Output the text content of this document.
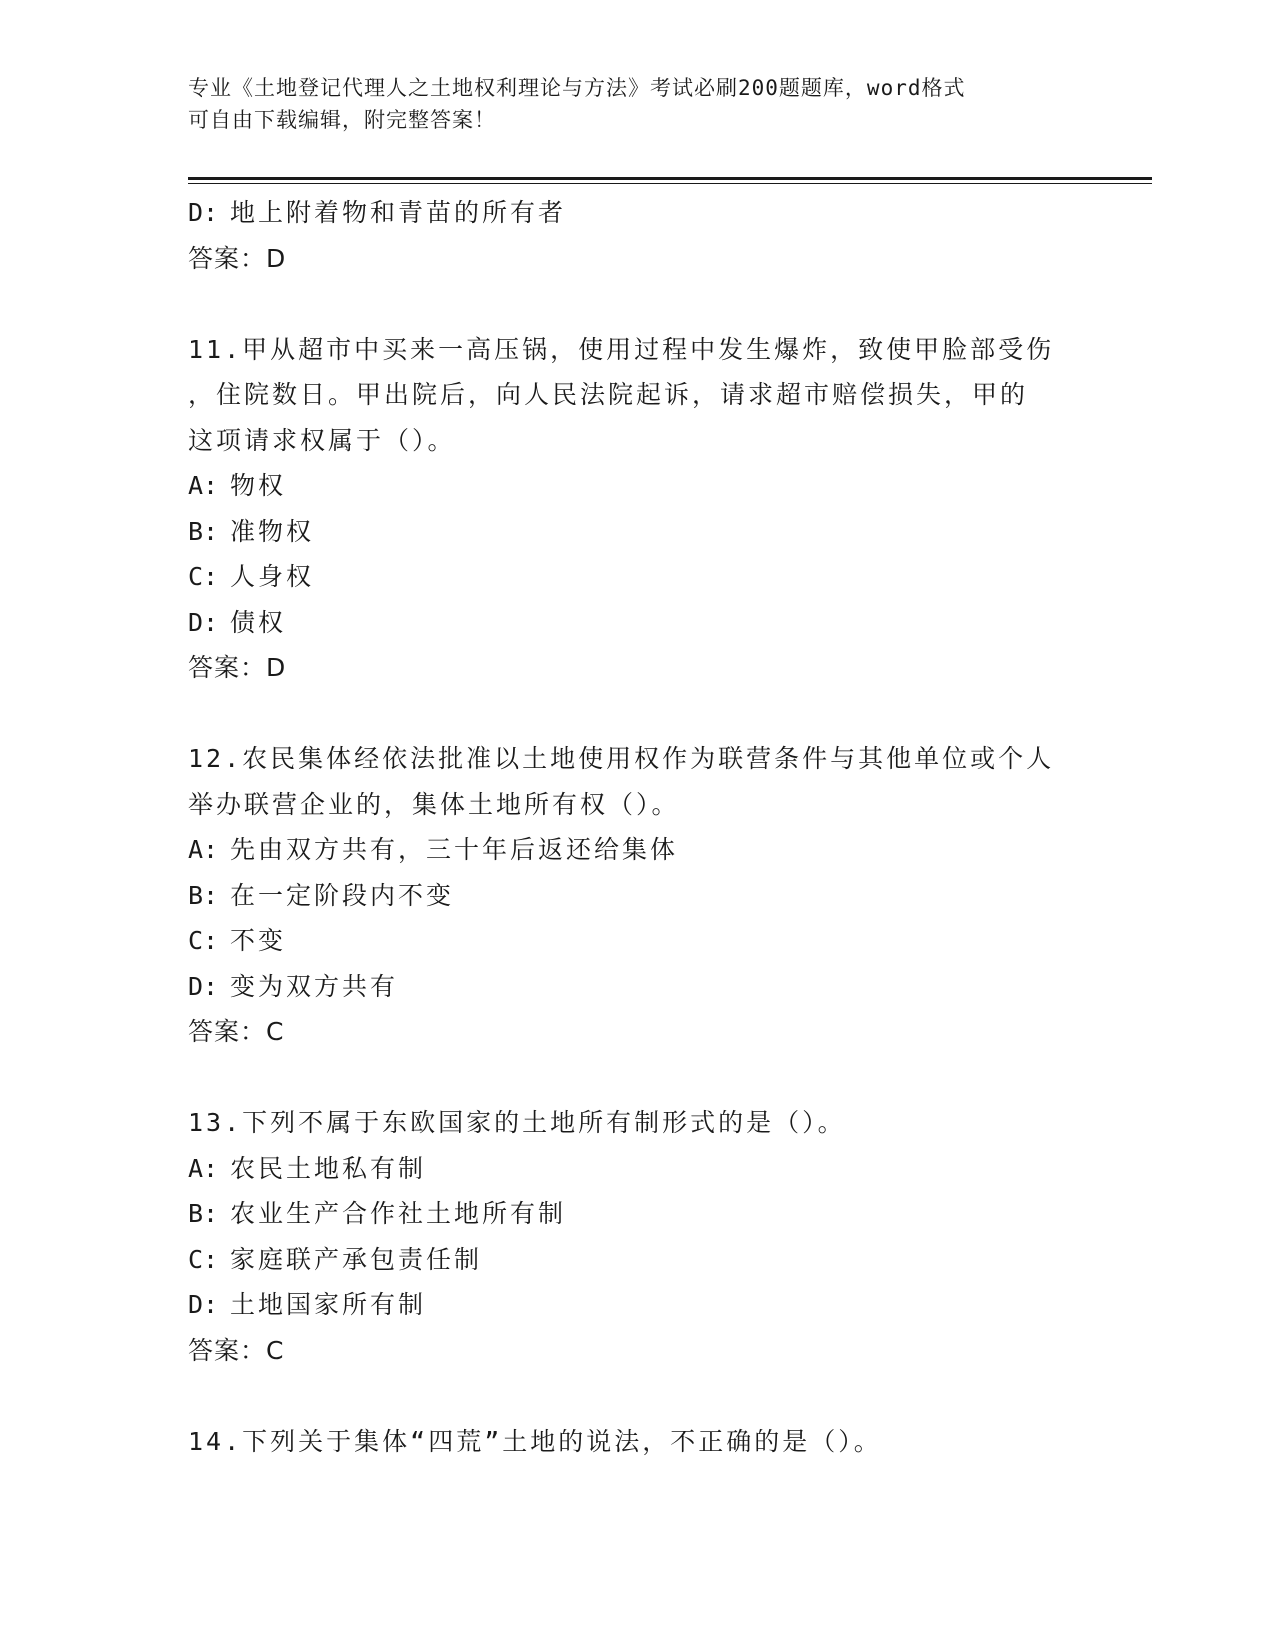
专业《土地登记代理人之土地权利理论与方法》考试必刷200题题库，word格式
可自由下载编辑，附完整答案！
D: 地上附着物和青苗的所有者
答案：D
11.甲从超市中买来一高压锅，使用过程中发生爆炸，致使甲脸部受伤
，住院数日。甲出院后，向人民法院起诉，请求超市赔偿损失，甲的
这项请求权属于（）。
A: 物权
B: 准物权
C: 人身权
D: 债权
答案：D
12.农民集体经依法批准以土地使用权作为联营条件与其他单位或个人
举办联营企业的，集体土地所有权（）。
A: 先由双方共有，三十年后返还给集体
B: 在一定阶段内不变
C: 不变
D: 变为双方共有
答案：C
13.下列不属于东欧国家的土地所有制形式的是（）。
A: 农民土地私有制
B: 农业生产合作社土地所有制
C: 家庭联产承包责任制
D: 土地国家所有制
答案：C
14.下列关于集体“四荒”土地的说法，不正确的是（）。
